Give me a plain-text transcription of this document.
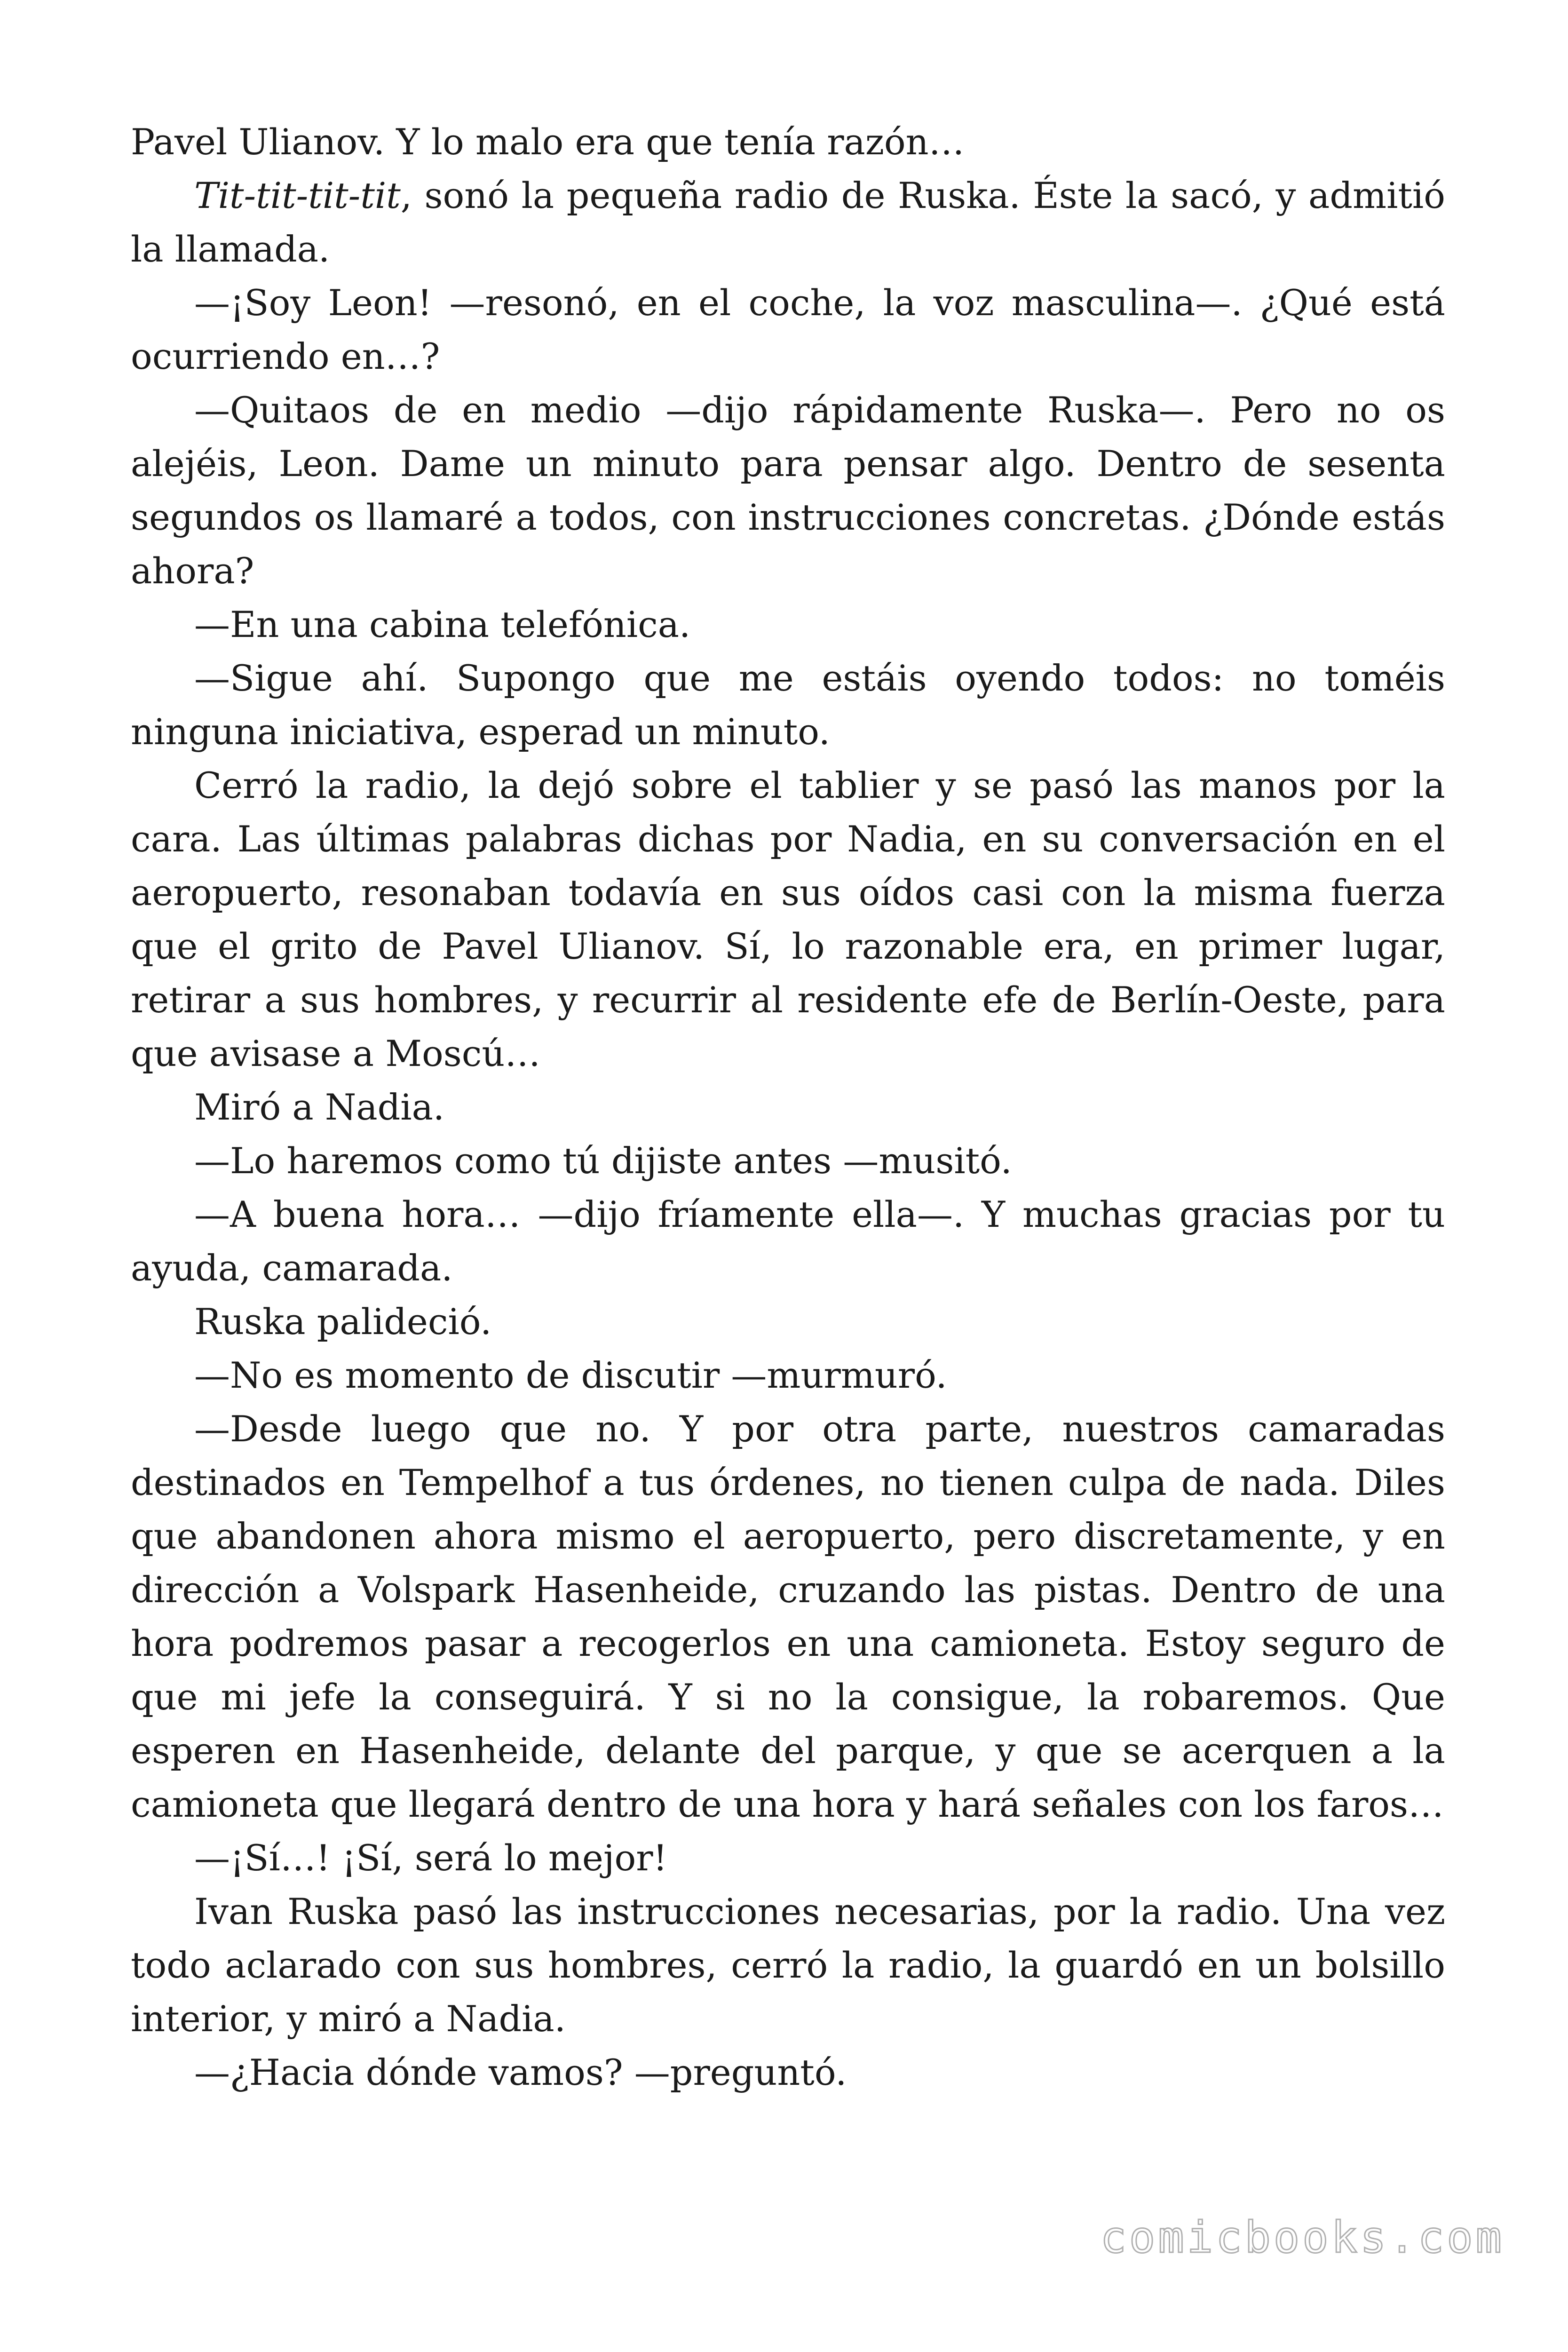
Pavel Ulianov. Y lo malo era que tenía razón…

Tit-tit-tit-tit, sonó la pequeña radio de Ruska. Éste la sacó, y admitió la llamada.

—¡Soy Leon! —resonó, en el coche, la voz masculina—. ¿Qué está ocurriendo en…?

—Quitaos de en medio —dijo rápidamente Ruska—. Pero no os alejéis, Leon. Dame un minuto para pensar algo. Dentro de sesenta segundos os llamaré a todos, con instrucciones concretas. ¿Dónde estás ahora?

—En una cabina telefónica.

—Sigue ahí. Supongo que me estáis oyendo todos: no toméis ninguna iniciativa, esperad un minuto.

Cerró la radio, la dejó sobre el tablier y se pasó las manos por la cara. Las últimas palabras dichas por Nadia, en su conversación en el aeropuerto, resonaban todavía en sus oídos casi con la misma fuerza que el grito de Pavel Ulianov. Sí, lo razonable era, en primer lugar, retirar a sus hombres, y recurrir al residente efe de Berlín-Oeste, para que avisase a Moscú…

Miró a Nadia.

—Lo haremos como tú dijiste antes —musitó.

—A buena hora… —dijo fríamente ella—. Y muchas gracias por tu ayuda, camarada.

Ruska palideció.

—No es momento de discutir —murmuró.

—Desde luego que no. Y por otra parte, nuestros camaradas destinados en Tempelhof a tus órdenes, no tienen culpa de nada. Diles que abandonen ahora mismo el aeropuerto, pero discretamente, y en dirección a Volspark Hasenheide, cruzando las pistas. Dentro de una hora podremos pasar a recogerlos en una camioneta. Estoy seguro de que mi jefe la conseguirá. Y si no la consigue, la robaremos. Que esperen en Hasenheide, delante del parque, y que se acerquen a la camioneta que llegará dentro de una hora y hará señales con los faros…

—¡Sí…! ¡Sí, será lo mejor!

Ivan Ruska pasó las instrucciones necesarias, por la radio. Una vez todo aclarado con sus hombres, cerró la radio, la guardó en un bolsillo interior, y miró a Nadia.

—¿Hacia dónde vamos? —preguntó.

comicbooks.com
